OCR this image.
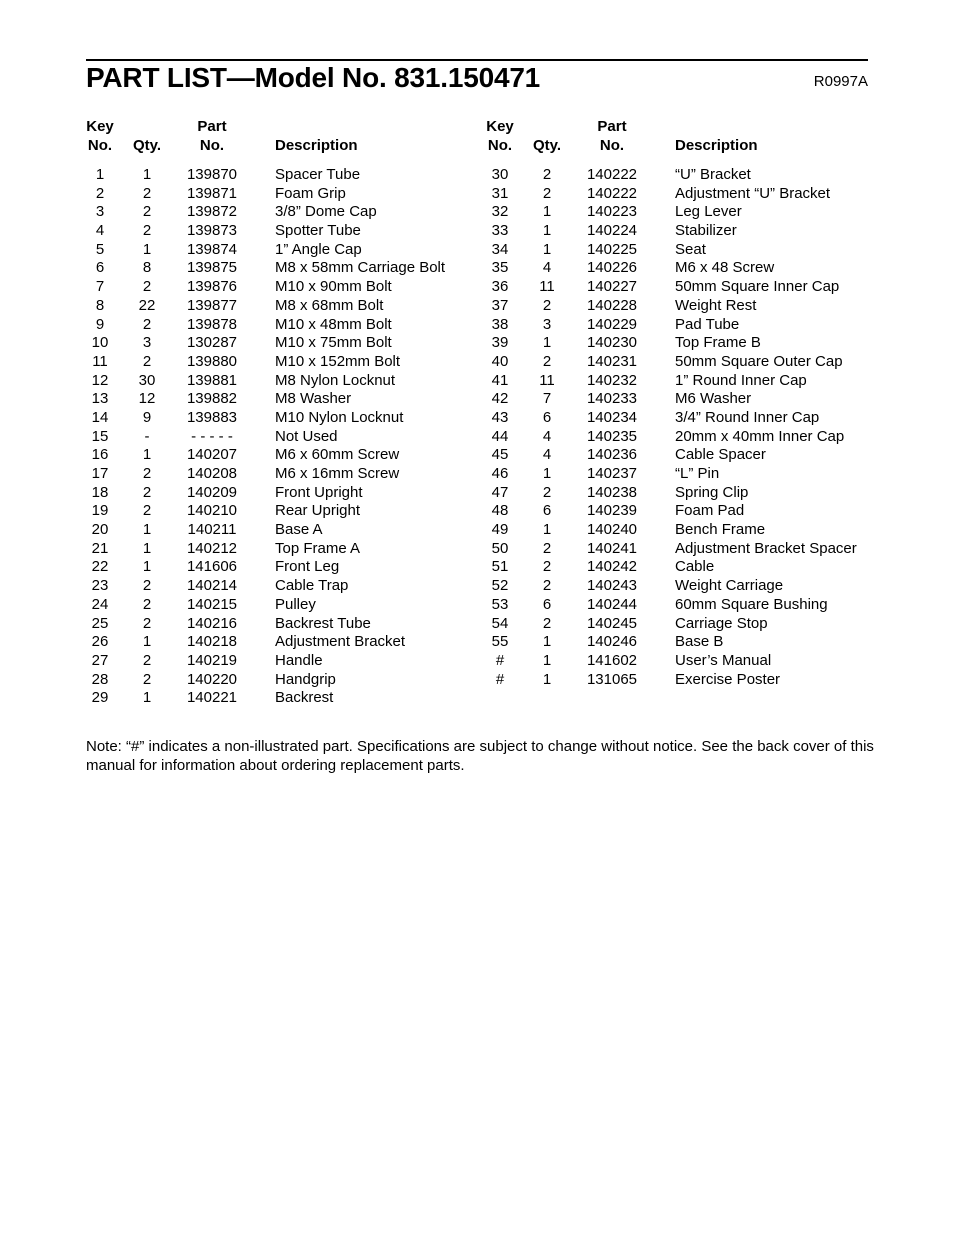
PART LIST—Model No. 831.150471	R0997A
Key
No. Qty.
Part
No.	Description
1	1	139870	Spacer Tube
2	2	139871	Foam Grip
3	2	139872	3/8” Dome Cap
4	2	139873	Spotter Tube
5	1	139874	1” Angle Cap
6	8	139875	M8 x 58mm Carriage Bolt
7	2	139876	M10 x 90mm Bolt
8	22	139877	M8 x 68mm Bolt
9	2	139878	M10 x 48mm Bolt
10	3	130287	M10 x 75mm Bolt
11	2	139880	M10 x 152mm Bolt
12	30	139881	M8 Nylon Locknut
13	12	139882	M8 Washer
14	9	139883	M10 Nylon Locknut
15	-	- - - - -	Not Used
16	1	140207	M6 x 60mm Screw
17	2	140208	M6 x 16mm Screw
18	2	140209	Front Upright
19	2	140210	Rear Upright
20	1	140211	Base A
21	1	140212	Top Frame A
22	1	141606	Front Leg
23	2	140214	Cable Trap
24	2	140215	Pulley
25	2	140216	Backrest Tube
26	1	140218	Adjustment Bracket
27	2	140219	Handle
28	2	140220	Handgrip
29	1	140221	Backrest
Key
No. Qty.
Part
No.	Description
30	2	140222	“U” Bracket
31	2	140222	Adjustment “U” Bracket
32	1	140223	Leg Lever
33	1	140224	Stabilizer
34	1	140225	Seat
35	4	140226	M6 x 48 Screw
36	11	140227	50mm Square Inner Cap
37	2	140228	Weight Rest
38	3	140229	Pad Tube
39	1	140230	Top Frame B
40	2	140231	50mm Square Outer Cap
41	11	140232	1” Round Inner Cap
42	7	140233	M6 Washer
43	6	140234	3/4” Round Inner Cap
44	4	140235	20mm x 40mm Inner Cap
45	4	140236	Cable Spacer
46	1	140237	“L” Pin
47	2	140238	Spring Clip
48	6	140239	Foam Pad
49	1	140240	Bench Frame
50	2	140241	Adjustment Bracket Spacer
51	2	140242	Cable
52	2	140243	Weight Carriage
53	6	140244	60mm Square Bushing
54	2	140245	Carriage Stop
55	1	140246	Base B
#	1	141602	User’s Manual
#	1	131065	Exercise Poster
Note: “#” indicates a non-illustrated part. Specifications are subject to change without notice. See the back cover of this manual for information about ordering replacement parts.
